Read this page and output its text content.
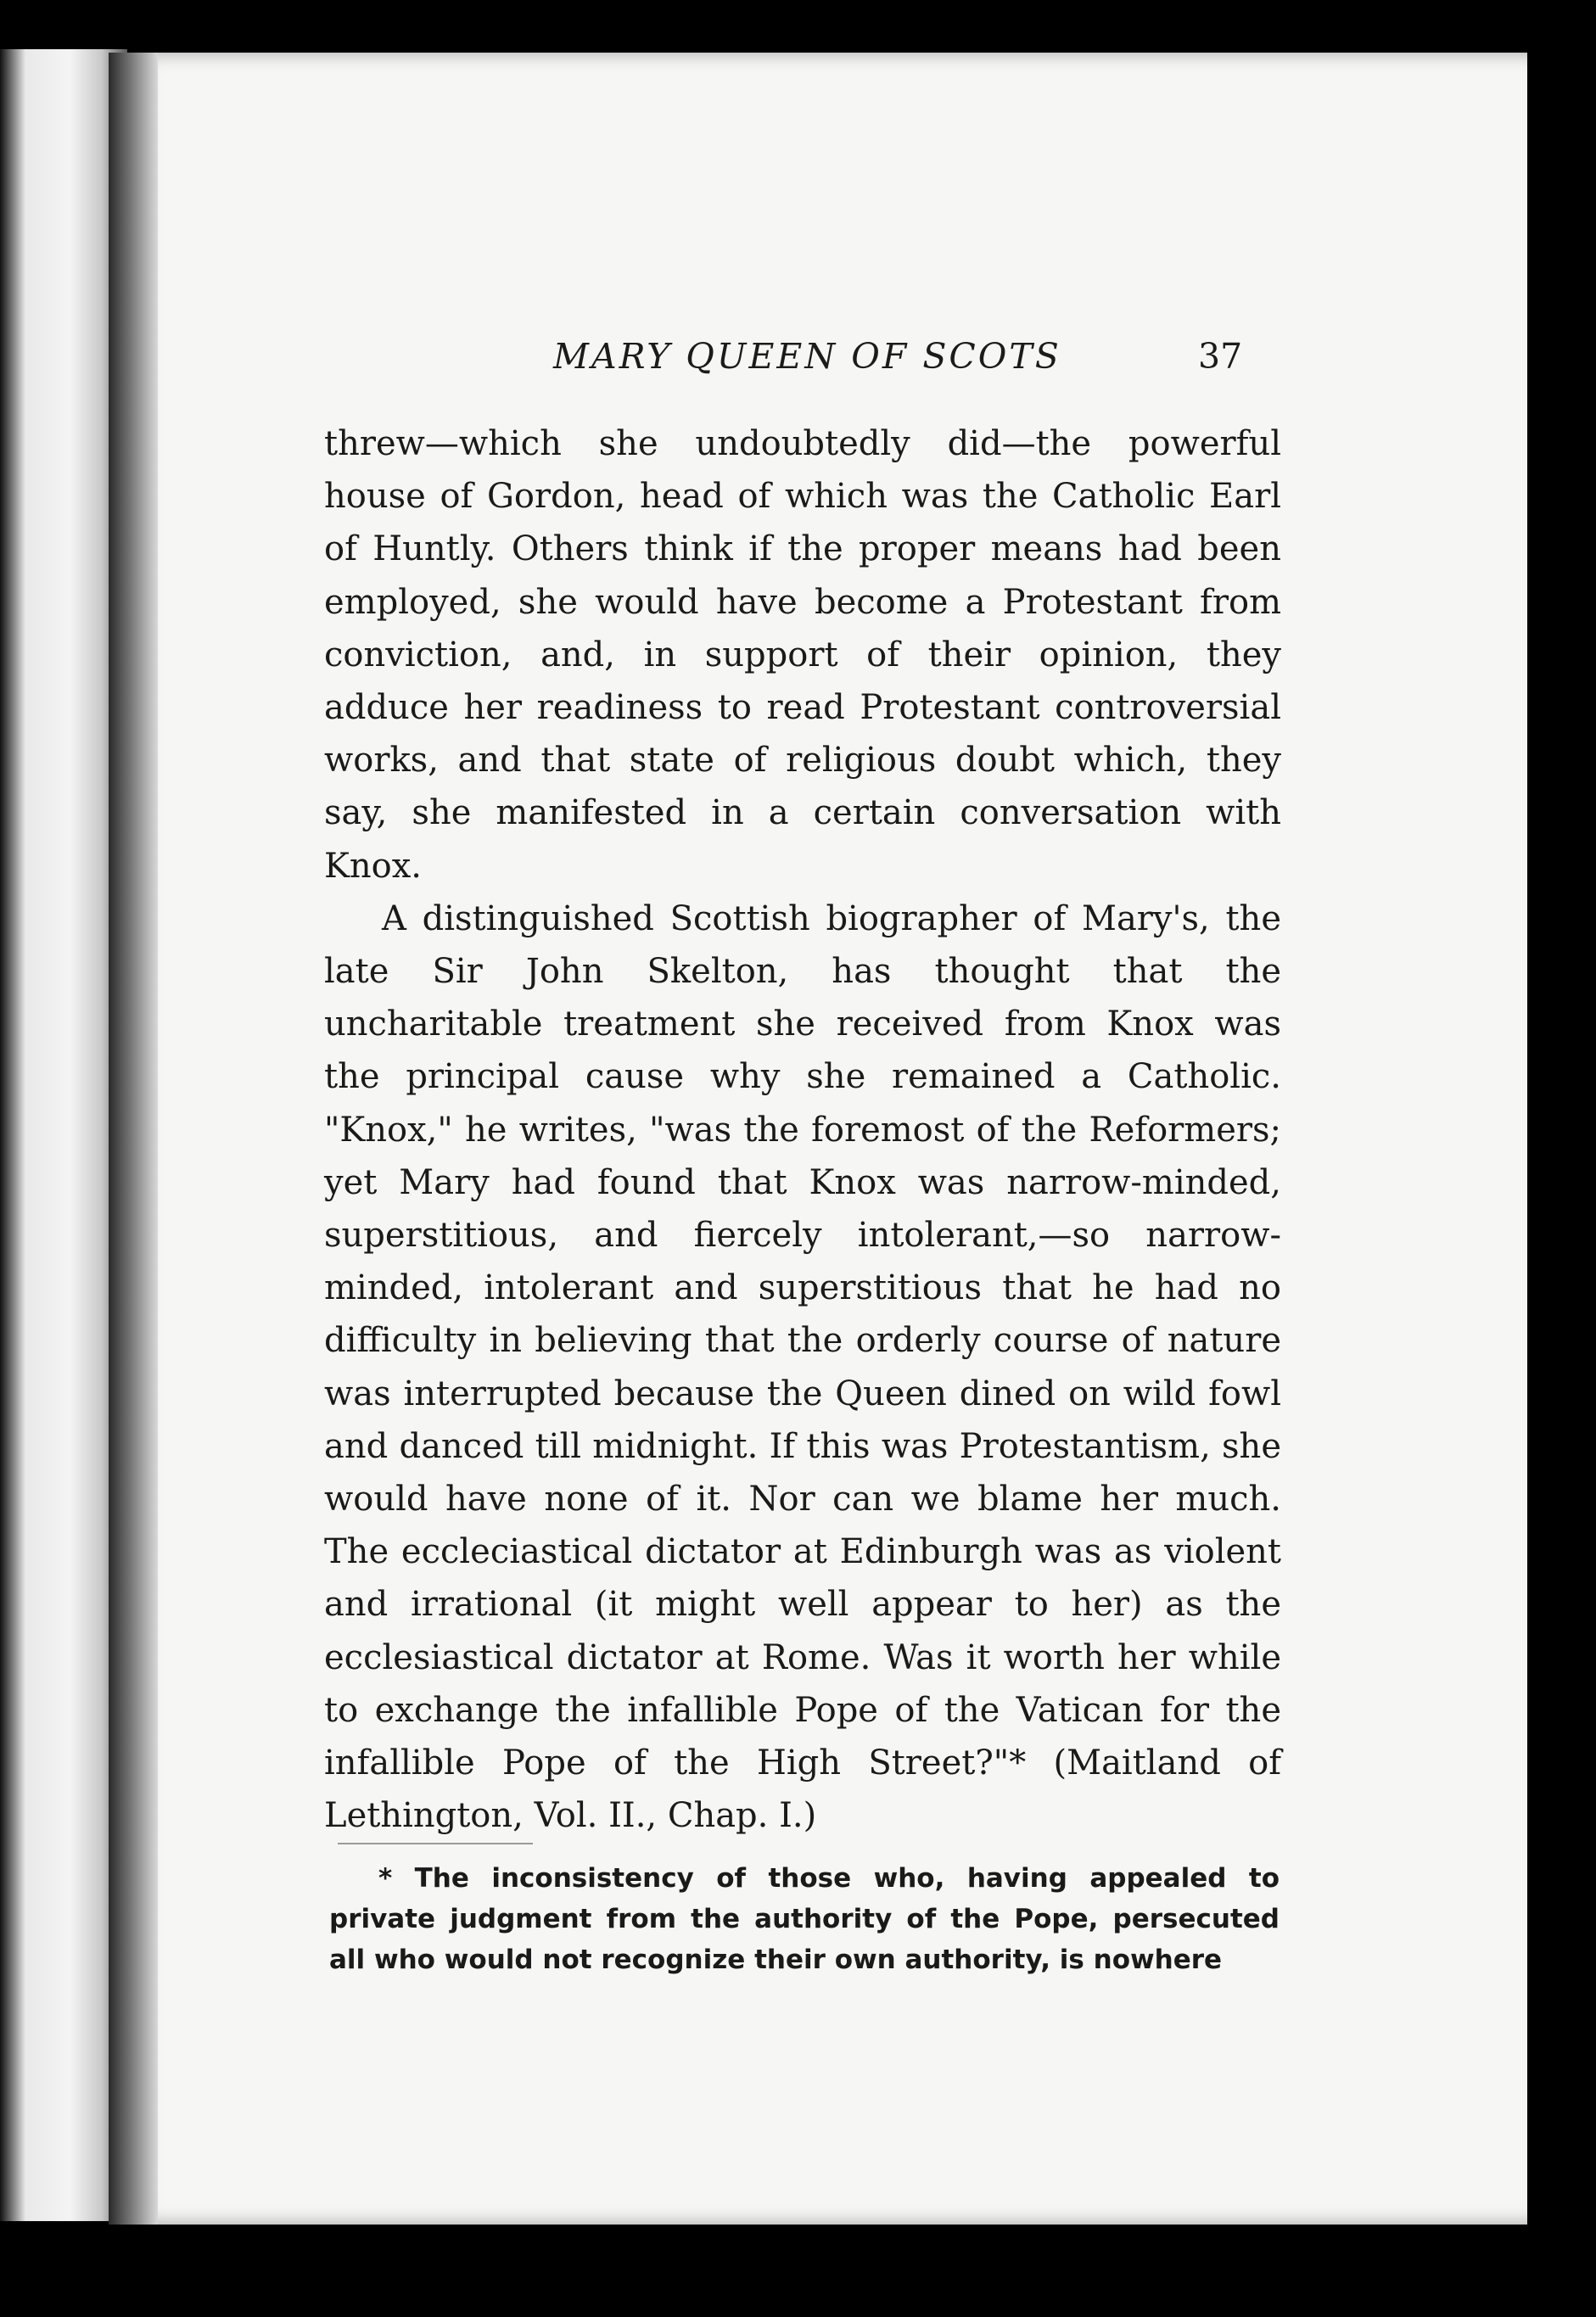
MARY QUEEN OF SCOTS	37

threw—which she undoubtedly did—the powerful house of Gordon, head of which was the Catholic Earl of Huntly. Others think if the proper means had been employed, she would have become a Protestant from conviction, and, in support of their opinion, they adduce her readiness to read Protestant controversial works, and that state of religious doubt which, they say, she manifested in a certain conversation with Knox.

A distinguished Scottish biographer of Mary's, the late Sir John Skelton, has thought that the uncharitable treatment she received from Knox was the principal cause why she remained a Catholic. "Knox," he writes, "was the foremost of the Reformers; yet Mary had found that Knox was narrow-minded, superstitious, and fiercely intolerant,—so narrow-minded, intolerant and superstitious that he had no difficulty in believing that the orderly course of nature was interrupted because the Queen dined on wild fowl and danced till midnight. If this was Protestantism, she would have none of it. Nor can we blame her much. The eccleciastical dictator at Edinburgh was as violent and irrational (it might well appear to her) as the ecclesiastical dictator at Rome. Was it worth her while to exchange the infallible Pope of the Vatican for the infallible Pope of the High Street?"* (Maitland of Lethington, Vol. II., Chap. I.)

* The inconsistency of those who, having appealed to private judgment from the authority of the Pope, persecuted all who would not recognize their own authority, is nowhere
